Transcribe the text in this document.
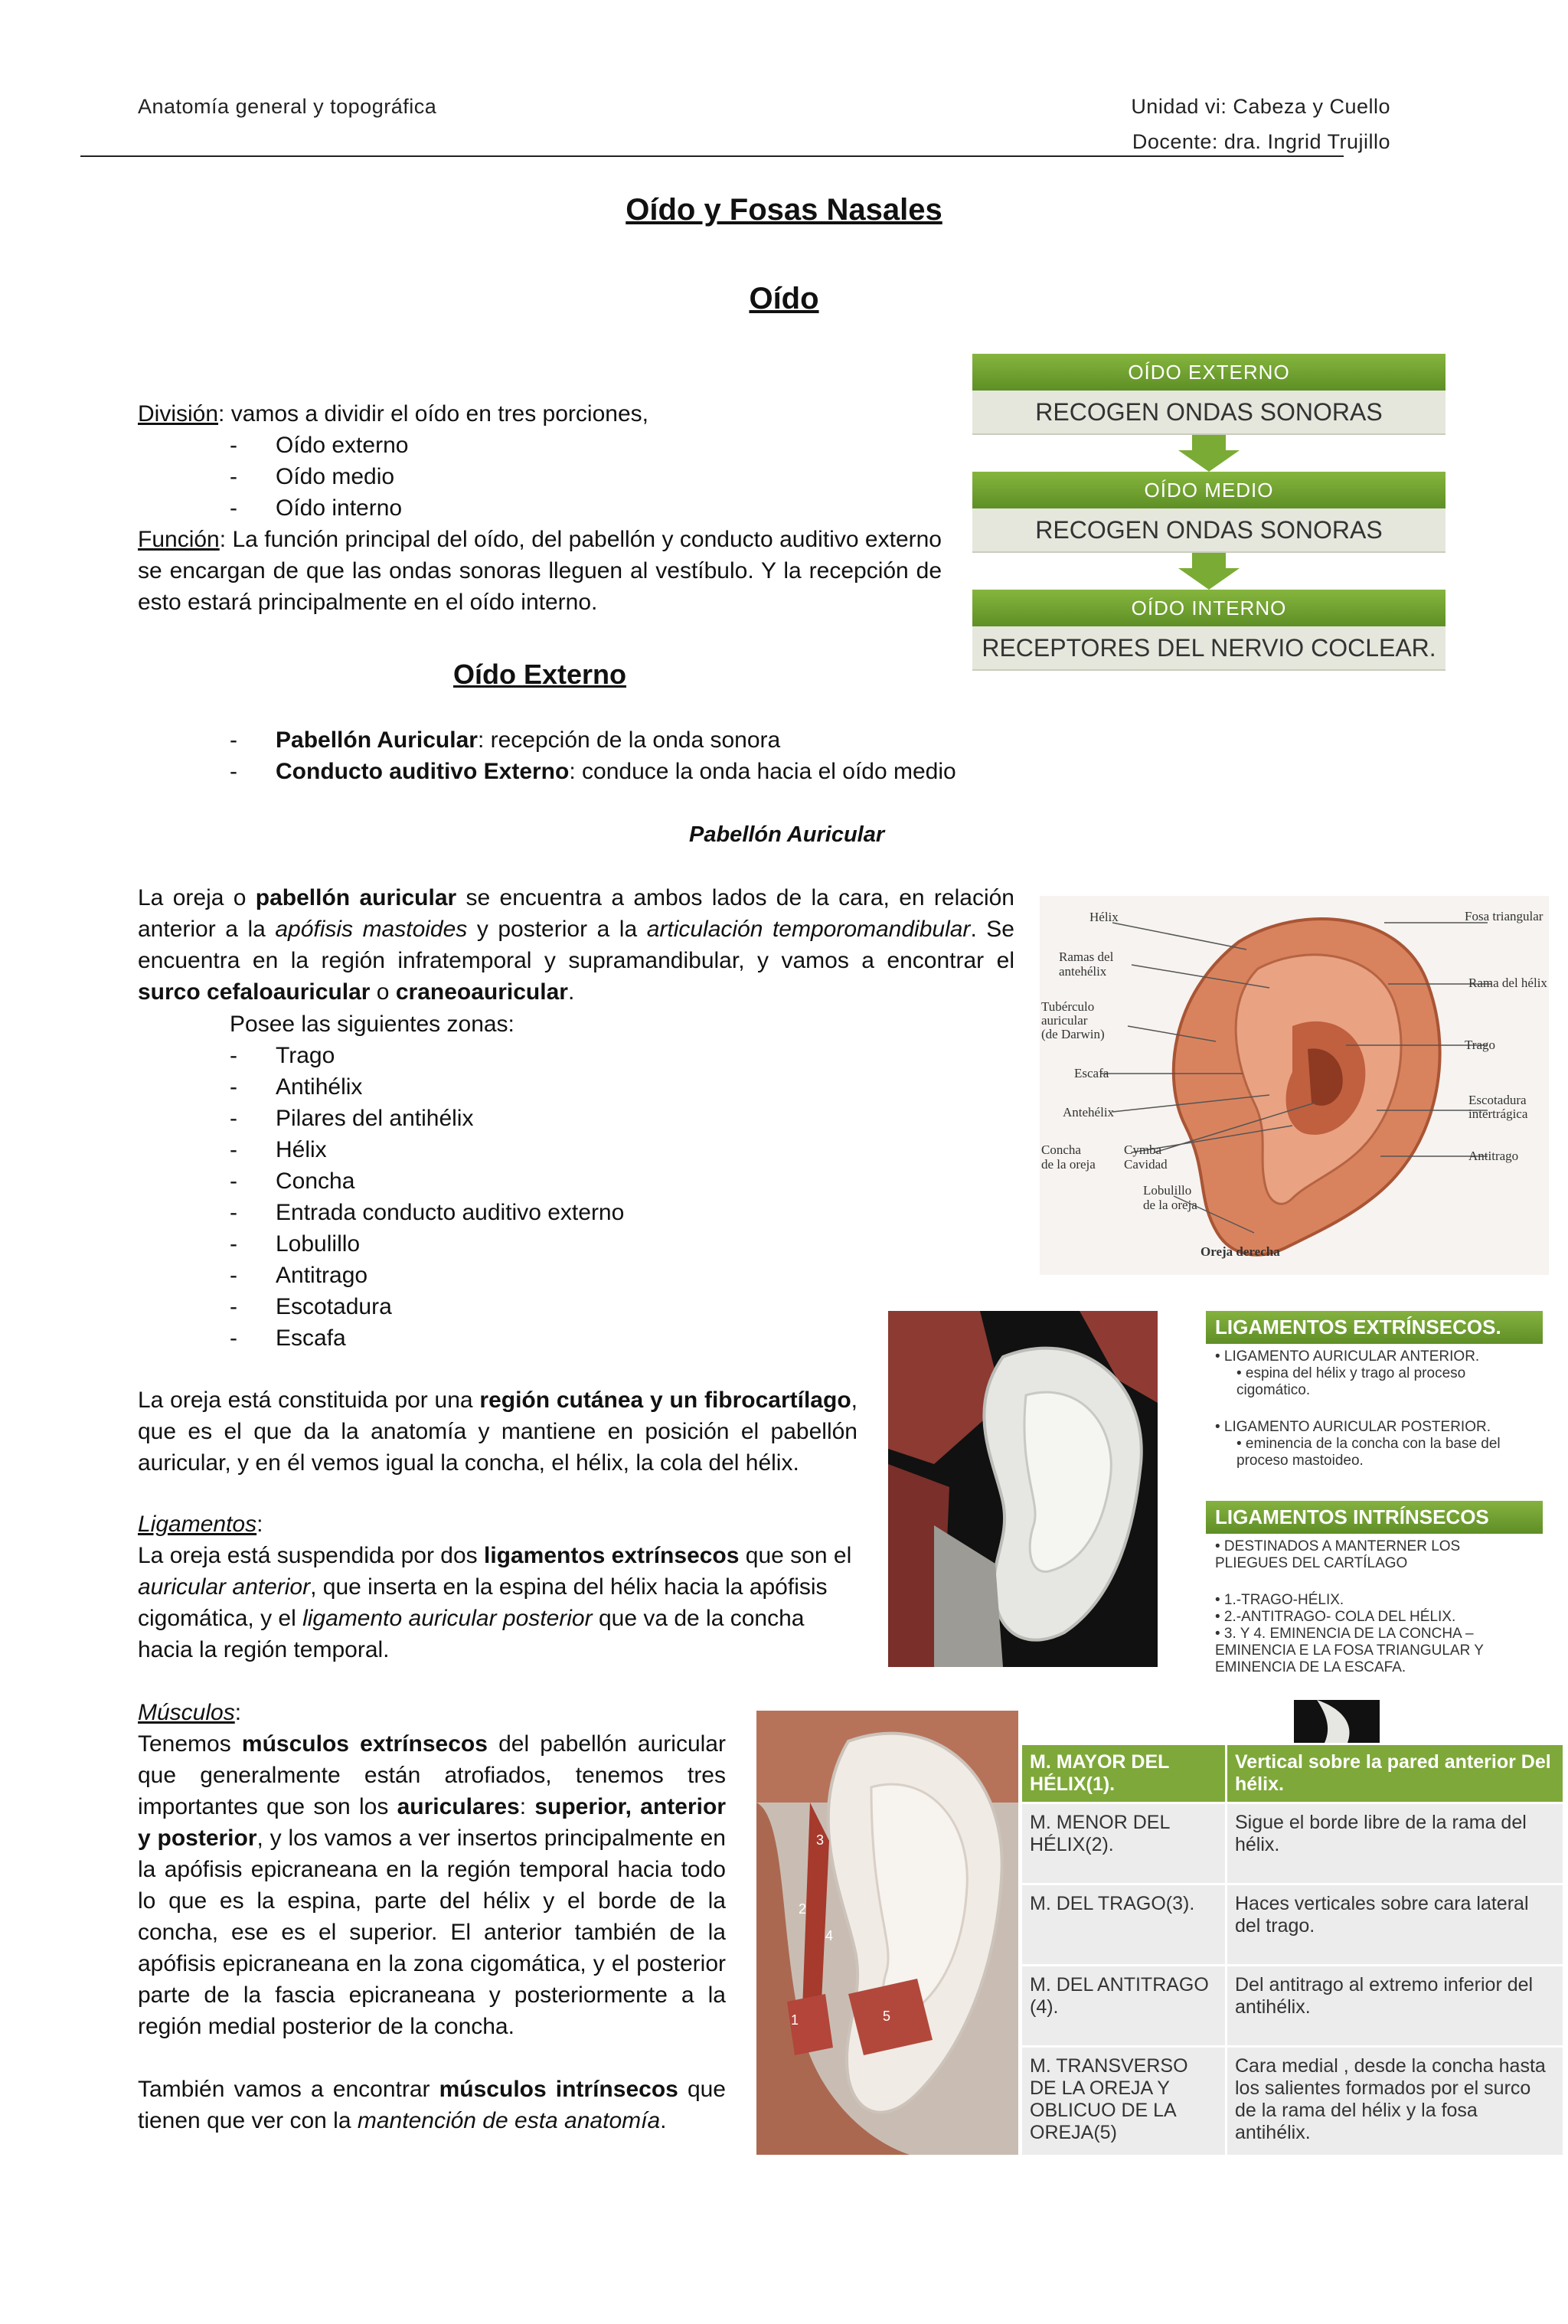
Anatomía general y topográfica	Unidad vi: Cabeza y Cuello
Docente: dra. Ingrid Trujillo
Oído y Fosas Nasales
Oído
División: vamos a dividir el oído en tres porciones,
- Oído externo
- Oído medio
- Oído interno
Función: La función principal del oído, del pabellón y conducto auditivo externo se encargan de que las ondas sonoras lleguen al vestíbulo. Y la recepción de esto estará principalmente en el oído interno.
OÍDO EXTERNO
RECOGEN ONDAS SONORAS
OÍDO MEDIO
RECOGEN ONDAS SONORAS
OÍDO INTERNO
RECEPTORES DEL NERVIO COCLEAR.
Oído Externo
- Pabellón Auricular: recepción de la onda sonora
- Conducto auditivo Externo: conduce la onda hacia el oído medio
Pabellón Auricular
La oreja o pabellón auricular se encuentra a ambos lados de la cara, en relación anterior a la apófisis mastoides y posterior a la articulación temporomandibular. Se encuentra en la región infratemporal y supramandibular, y vamos a encontrar el surco cefaloauricular o craneoauricular.
Posee las siguientes zonas:
- Trago
- Antihélix
- Pilares del antihélix
- Hélix
- Concha
- Entrada conducto auditivo externo
- Lobulillo
- Antitrago
- Escotadura
- Escafa
La oreja está constituida por una región cutánea y un fibrocartílago, que es el que da la anatomía y mantiene en posición el pabellón auricular, y en él vemos igual la concha, el hélix, la cola del hélix.
Hélix
Ramas del
antehélix
Tubérculo
auricular
(de Darwin)
Escafa
Antehélix
Concha
de la oreja
Cymba
Cavidad
Lobulillo
de la oreja
Fosa triangular
Rama del hélix
Trago
Escotadura
intertrágica
Antitrago
Oreja derecha
LIGAMENTOS EXTRÍNSECOS.
• LIGAMENTO AURICULAR ANTERIOR.
• espina del hélix y trago al proceso cigomático.
• LIGAMENTO AURICULAR POSTERIOR.
• eminencia de la concha con la base del proceso mastoideo.
LIGAMENTOS INTRÍNSECOS
• DESTINADOS A MANTERNER LOS PLIEGUES DEL CARTÍLAGO
• 1.-TRAGO-HÉLIX.
• 2.-ANTITRAGO- COLA DEL HÉLIX.
• 3. Y 4. EMINENCIA DE LA CONCHA – EMINENCIA E LA FOSA TRIANGULAR Y EMINENCIA DE LA ESCAFA.
Ligamentos:
La oreja está suspendida por dos ligamentos extrínsecos que son el auricular anterior, que inserta en la espina del hélix hacia la apófisis cigomática, y el ligamento auricular posterior que va de la concha hacia la región temporal.
Músculos:
Tenemos músculos extrínsecos del pabellón auricular que generalmente están atrofiados, tenemos tres importantes que son los auriculares: superior, anterior y posterior, y los vamos a ver insertos principalmente en la apófisis epicraneana en la región temporal hacia todo lo que es la espina, parte del hélix y el borde de la concha, ese es el superior. El anterior también de la apófisis epicraneana en la zona cigomática, y el posterior parte de la fascia epicraneana y posteriormente a la región medial posterior de la concha.
También vamos a encontrar músculos intrínsecos que tienen que ver con la mantención de esta anatomía.
3
2
4
1	5
M. MAYOR DEL HÉLIX(1).	Vertical sobre la pared anterior Del hélix.
M. MENOR DEL HÉLIX(2).	Sigue el borde libre de la rama del hélix.
M. DEL TRAGO(3).	Haces verticales sobre cara lateral del trago.
M. DEL ANTITRAGO (4).	Del antitrago al extremo inferior del antihélix.
M. TRANSVERSO DE LA OREJA Y OBLICUO DE LA OREJA(5)	Cara medial , desde la concha hasta los salientes formados por el surco de la rama del hélix y la fosa antihélix.
